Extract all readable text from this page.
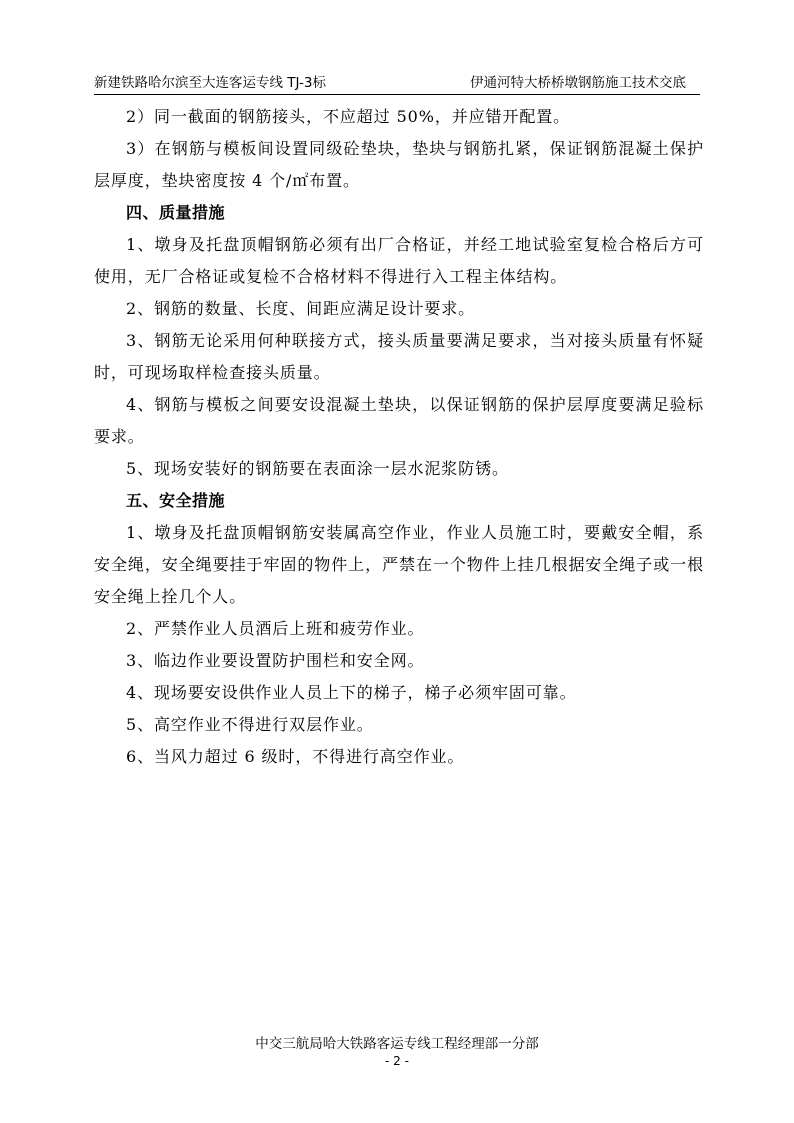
新建铁路哈尔滨至大连客运专线 TJ-3标	伊通河特大桥桥墩钢筋施工技术交底

2）同一截面的钢筋接头，不应超过 50%，并应错开配置。

3）在钢筋与模板间设置同级砼垫块，垫块与钢筋扎紧，保证钢筋混凝土保护层厚度，垫块密度按 4 个/㎡布置。

四、质量措施

1、墩身及托盘顶帽钢筋必须有出厂合格证，并经工地试验室复检合格后方可使用，无厂合格证或复检不合格材料不得进行入工程主体结构。

2、钢筋的数量、长度、间距应满足设计要求。

3、钢筋无论采用何种联接方式，接头质量要满足要求，当对接头质量有怀疑时，可现场取样检查接头质量。

4、钢筋与模板之间要安设混凝土垫块，以保证钢筋的保护层厚度要满足验标要求。

5、现场安装好的钢筋要在表面涂一层水泥浆防锈。

五、安全措施

1、墩身及托盘顶帽钢筋安装属高空作业，作业人员施工时，要戴安全帽，系安全绳，安全绳要挂于牢固的物件上，严禁在一个物件上挂几根据安全绳子或一根安全绳上拴几个人。

2、严禁作业人员酒后上班和疲劳作业。

3、临边作业要设置防护围栏和安全网。

4、现场要安设供作业人员上下的梯子，梯子必须牢固可靠。

5、高空作业不得进行双层作业。

6、当风力超过 6 级时，不得进行高空作业。

中交三航局哈大铁路客运专线工程经理部一分部
- 2 -
